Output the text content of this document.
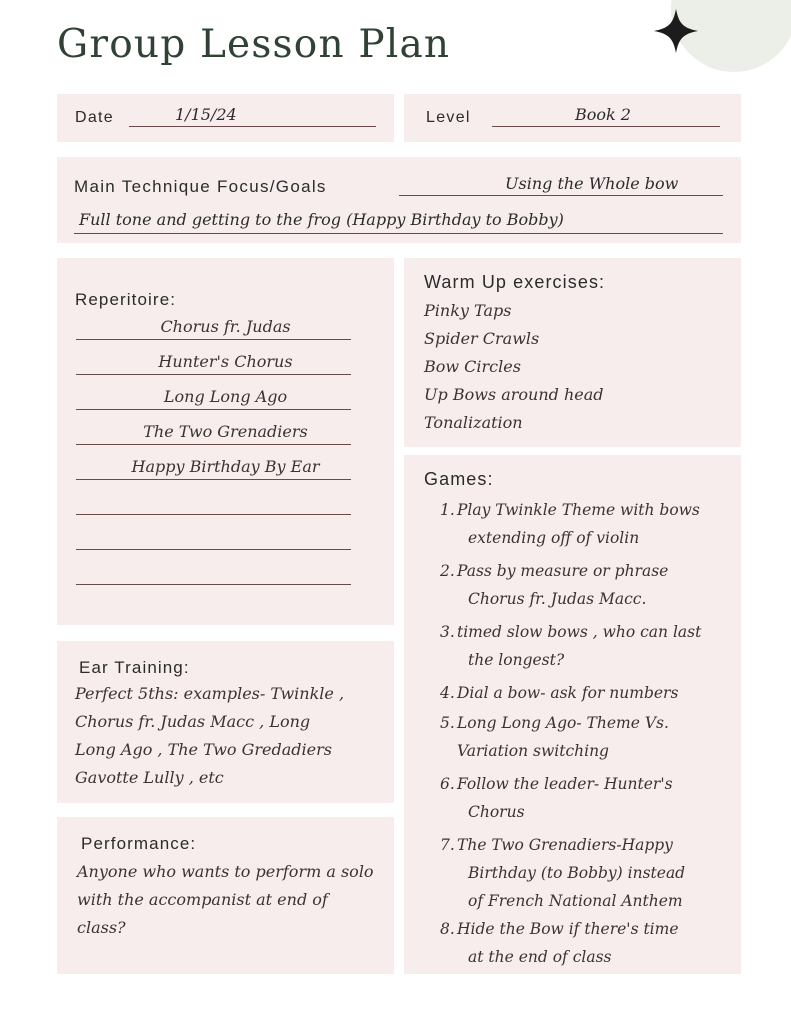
Group Lesson Plan
Date	1/15/24	Level	Book 2
Main Technique Focus/Goals	Using the Whole bow
Full tone and getting to the frog (Happy Birthday to Bobby)
Reperitoire:
Chorus fr. Judas
Hunter's Chorus
Long Long Ago
The Two Grenadiers
Happy Birthday By Ear
Ear Training:
Perfect 5ths: examples- Twinkle ,
Chorus fr. Judas Macc , Long
Long Ago , The Two Gredadiers
Gavotte Lully , etc
Performance:
Anyone who wants to perform a solo
with the accompanist at end of
class?
Warm Up exercises:
Pinky Taps
Spider Crawls
Bow Circles
Up Bows around head
Tonalization
Games:
1. Play Twinkle Theme with bows
extending off of violin
2. Pass by measure or phrase
Chorus fr. Judas Macc.
3. timed slow bows , who can last
the longest?
4. Dial a bow- ask for numbers
5. Long Long Ago- Theme Vs.
Variation switching
6. Follow the leader- Hunter's
Chorus
7. The Two Grenadiers-Happy
Birthday (to Bobby) instead
of French National Anthem
8. Hide the Bow if there's time
at the end of class
